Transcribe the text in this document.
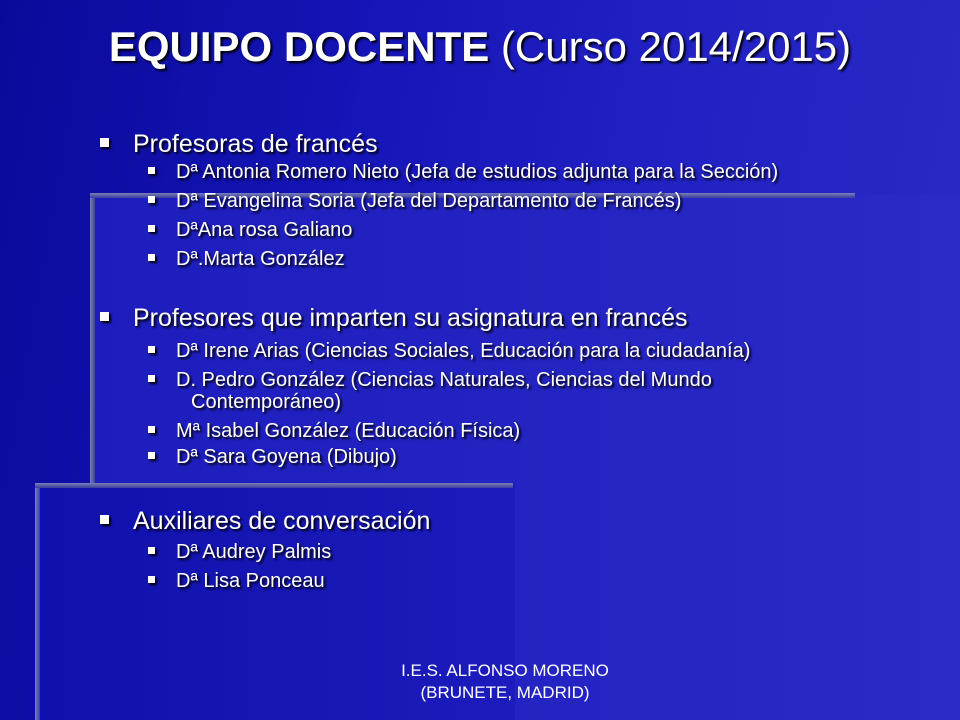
EQUIPO DOCENTE (Curso 2014/2015)
Profesoras de francés
Dª Antonia Romero Nieto (Jefa de estudios adjunta para la Sección)
Dª Evangelina Soria (Jefa del Departamento de Francés)
DªAna rosa Galiano
Dª.Marta González
Profesores que imparten su asignatura en francés
Dª Irene Arias (Ciencias Sociales, Educación para la ciudadanía)
D. Pedro González (Ciencias Naturales, Ciencias del Mundo
Contemporáneo)
Mª Isabel González (Educación Física)
Dª Sara Goyena (Dibujo)
Auxiliares de conversación
Dª Audrey Palmis
Dª Lisa Ponceau
I.E.S. ALFONSO MORENO
(BRUNETE, MADRID)
